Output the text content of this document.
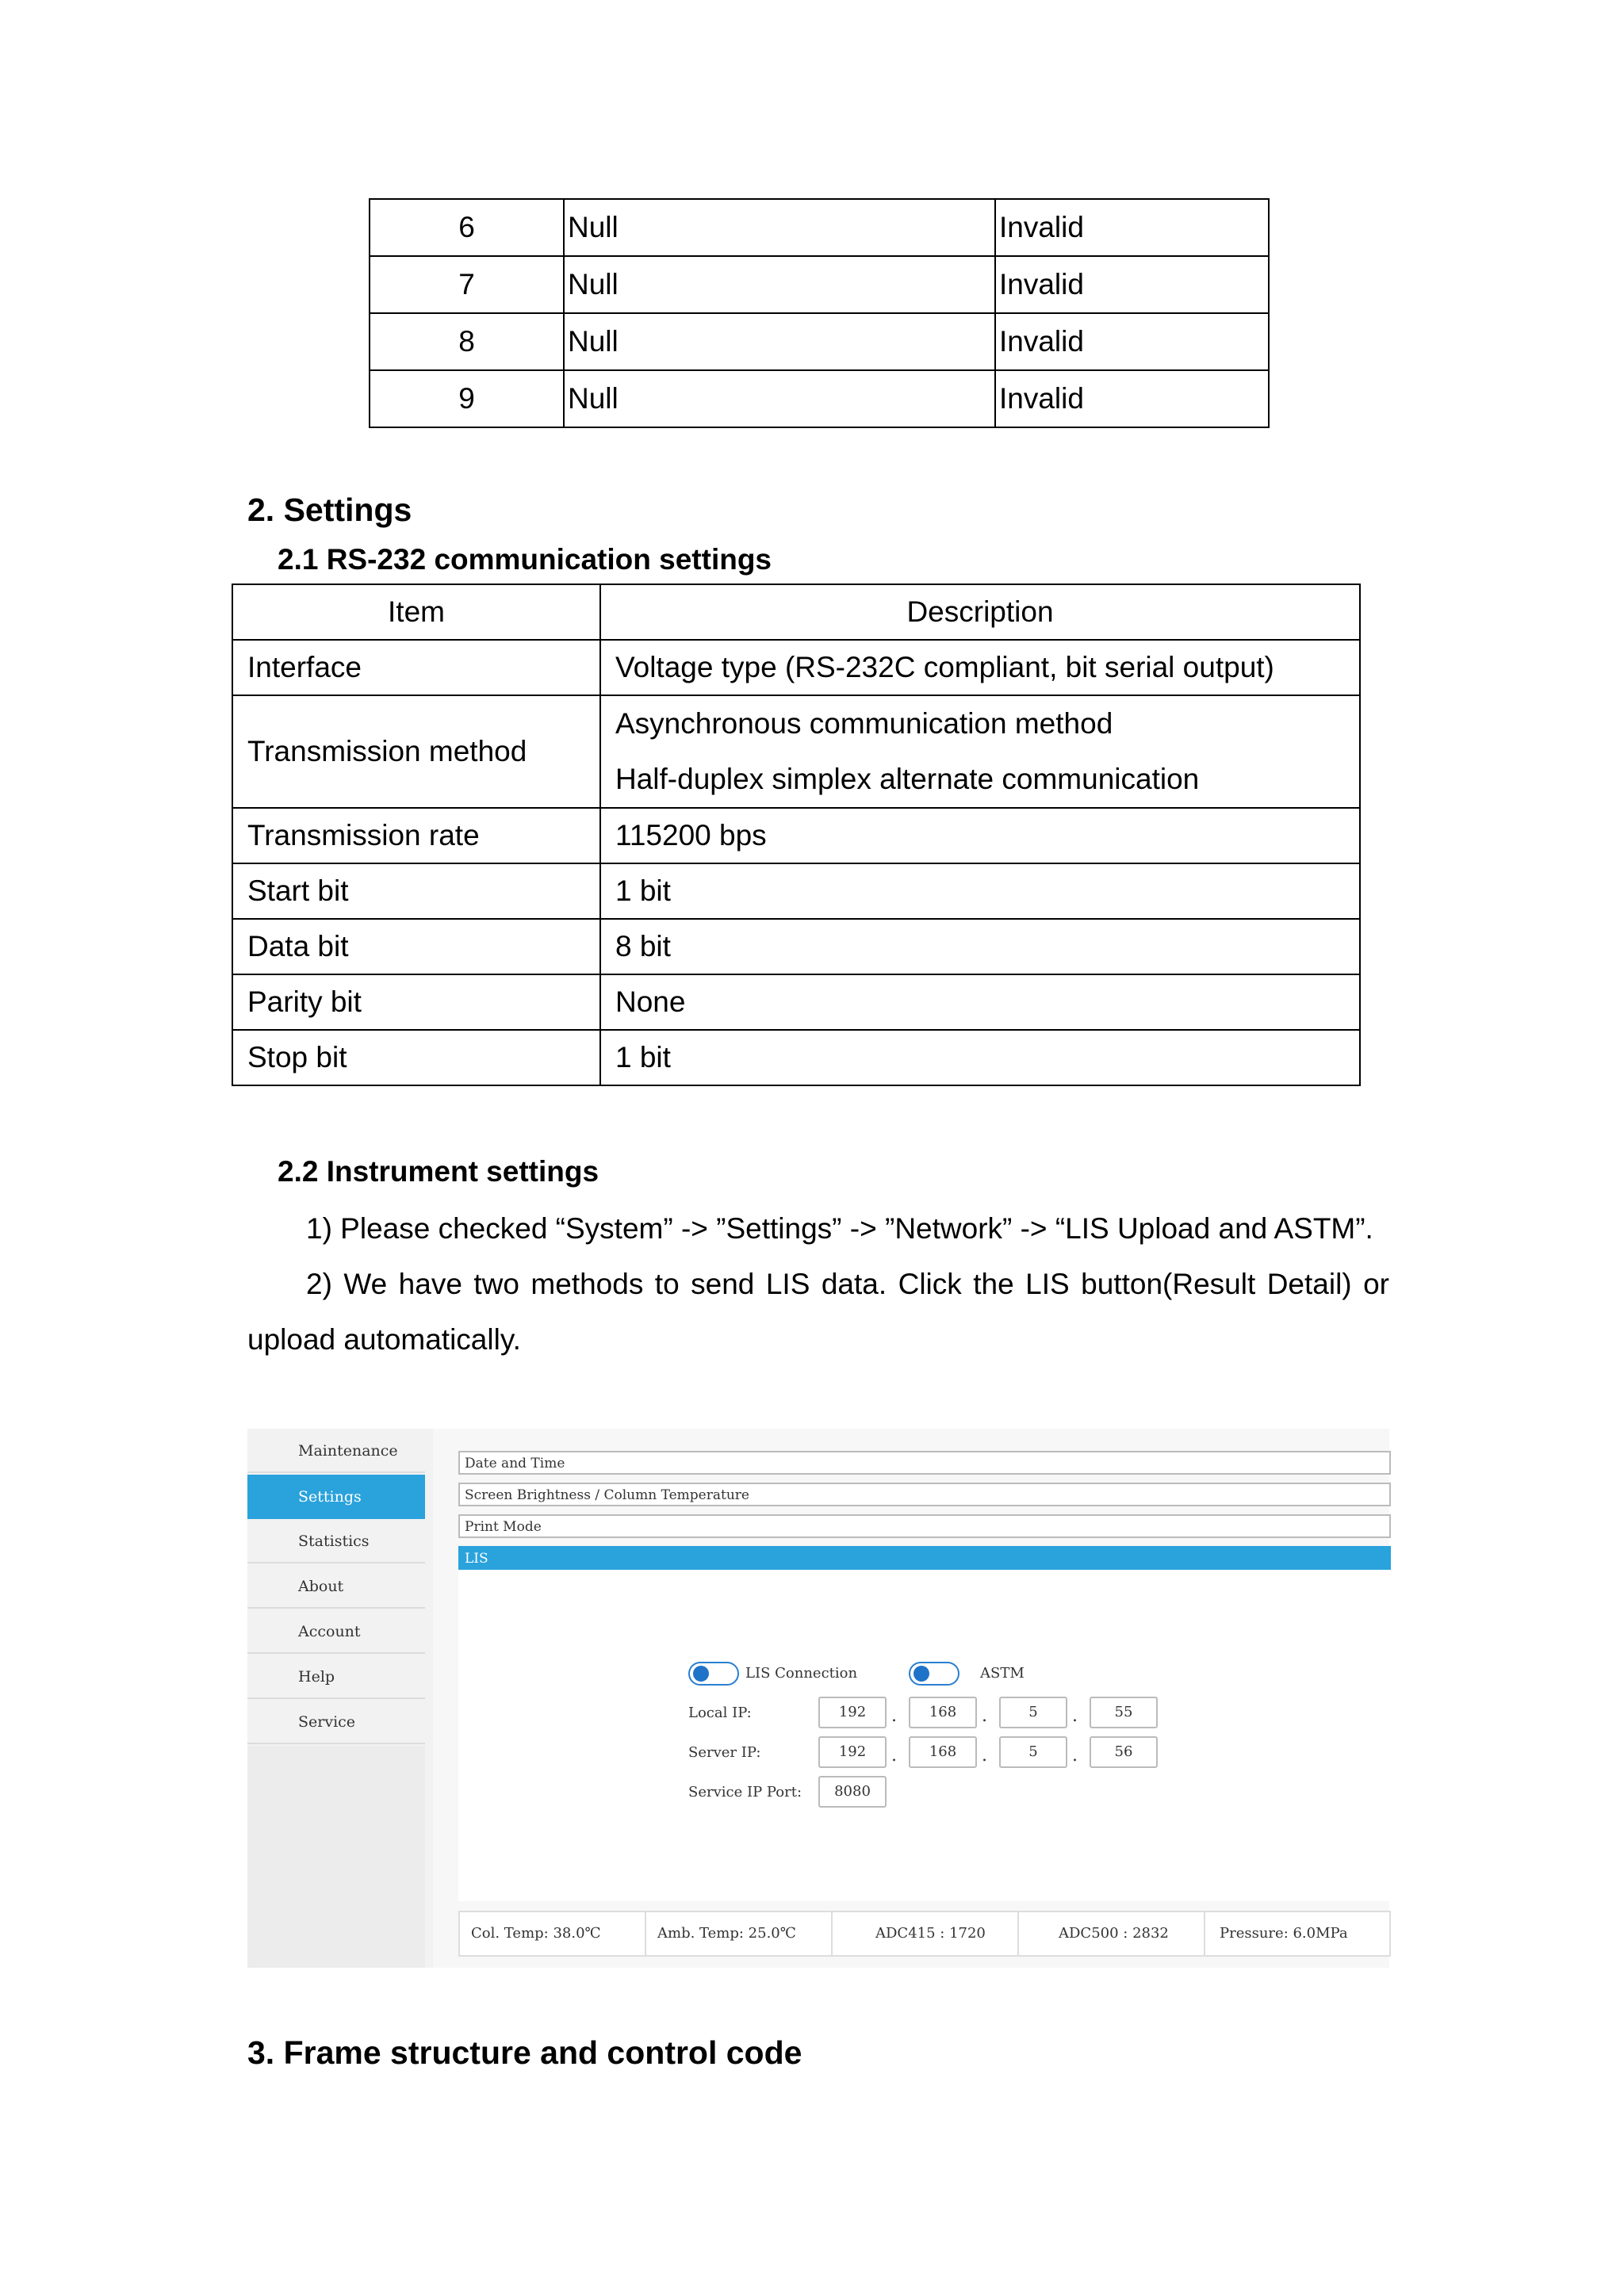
6	Null	Invalid
7	Null	Invalid
8	Null	Invalid
9	Null	Invalid
2. Settings
2.1 RS-232 communication settings
Item	Description
Interface	Voltage type (RS-232C compliant, bit serial output)
Transmission method	Asynchronous communication method
Half-duplex simplex alternate communication

Transmission rate	115200 bps
Start bit	1 bit
Data bit	8 bit
Parity bit	None
Stop bit	1 bit
2.2 Instrument settings

1) Please checked “System” -> ”Settings” -> ”Network” -> “LIS Upload and ASTM”.

2) We have two methods to send LIS data. Click the LIS button(Result Detail) or upload automatically.

Maintenance
Settings
Statistics
About
Account
Help
Service
Date and Time
Screen Brightness / Column Temperature
Print Mode
LIS
LIS Connection	ASTM
Local IP:	192	.	168	.	5	.	55
Server IP:	192	.	168	.	5	.	56
Service IP Port:	8080
Col. Temp: 38.0℃	Amb. Temp: 25.0℃	ADC415 : 1720	ADC500 : 2832	Pressure: 6.0MPa
3. Frame structure and control code
